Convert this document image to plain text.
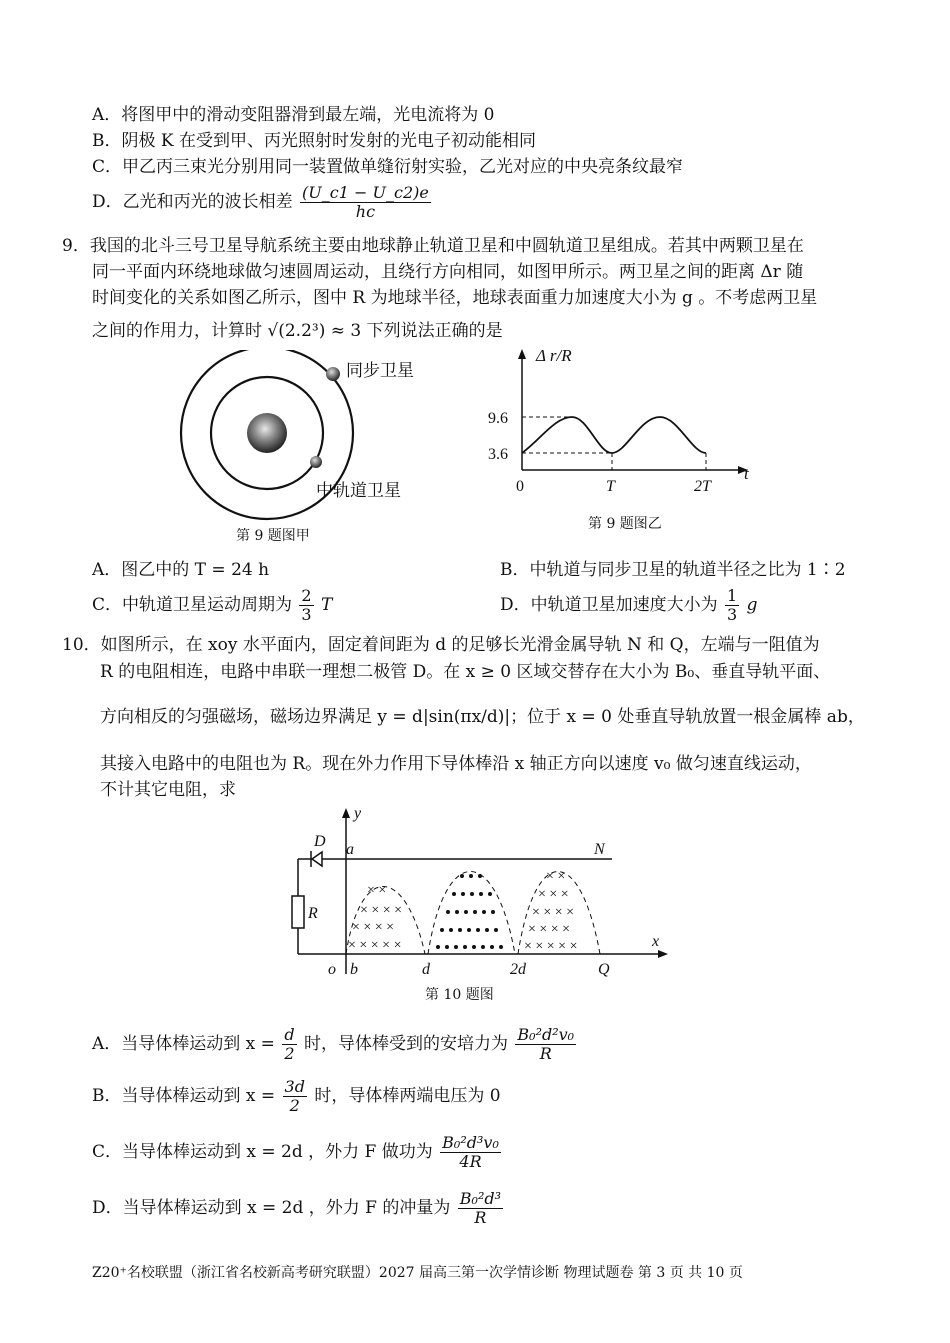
A．将图甲中的滑动变阻器滑到最左端，光电流将为 0
B．阴极 K 在受到甲、丙光照射时发射的光电子初动能相同
C．甲乙丙三束光分别用同一装置做单缝衍射实验，乙光对应的中央亮条纹最窄
D．乙光和丙光的波长相差 $\frac{(U\_c1 - U\_c2)e}{hc}$
9．我国的北斗三号卫星导航系统主要由地球静止轨道卫星和中圆轨道卫星组成。若其中两颗卫星在
同一平面内环绕地球做匀速圆周运动，且绕行方向相同，如图甲所示。两卫星之间的距离 Δr 随
时间变化的关系如图乙所示，图中 R 为地球半径，地球表面重力加速度大小为 g 。不考虑两卫星
之间的作用力，计算时 √(2.2³) ≈ 3 下列说法正确的是
同步卫星
中轨道卫星
第 9 题图甲
Δ r/R
t
9.6
3.6
0	T	2T
第 9 题图乙
A．图乙中的 T = 24 h	B．中轨道与同步卫星的轨道半径之比为 1∶2
C．中轨道卫星运动周期为 $\frac{2}{3}$ T	D．中轨道卫星加速度大小为 $\frac{1}{3}$ g
10．如图所示，在 xoy 水平面内，固定着间距为 d 的足够长光滑金属导轨 N 和 Q，左端与一阻值为
R 的电阻相连，电路中串联一理想二极管 D。在 x ≥ 0 区域交替存在大小为 B₀、垂直导轨平面、
方向相反的匀强磁场，磁场边界满足 y = d|sin(πx/d)|；位于 x = 0 处垂直导轨放置一根金属棒 ab，
其接入电路中的电阻也为 R。现在外力作用下导体棒沿 x 轴正方向以速度 v₀ 做匀速直线运动，
不计其它电阻，求
D
R
× ×
× × × ×
× × × ×
× × × × ×
× ×
× × ×
× × × ×
× × × ×
× × × × ×
y
a	N
x
o b	d	2d	Q
第 10 题图
A．当导体棒运动到 $x = \frac{d}{2}$ 时，导体棒受到的安培力为 $\frac{\text{B₀²d²v₀}}{R}$
B．当导体棒运动到 $x = \frac{3d}{2}$ 时，导体棒两端电压为 0
C．当导体棒运动到 x = 2d ，外力 F 做功为 $\frac{\text{B₀²d³v₀}}{4R}$
D．当导体棒运动到 x = 2d ，外力 F 的冲量为 $\frac{\text{B₀²d³}}{R}$
Z20⁺名校联盟（浙江省名校新高考研究联盟）2027 届高三第一次学情诊断 物理试题卷 第 3 页 共 10 页
